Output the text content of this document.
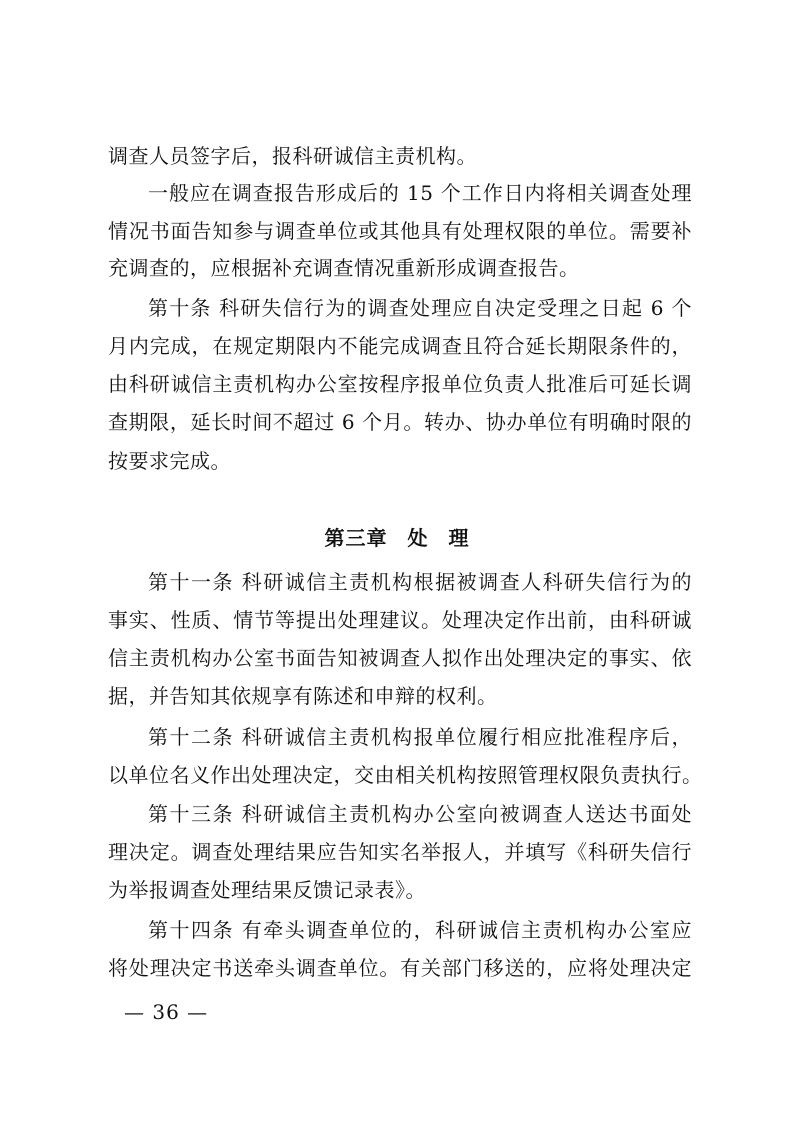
调查人员签字后，报科研诚信主责机构。
一般应在调查报告形成后的 15 个工作日内将相关调查处理
情况书面告知参与调查单位或其他具有处理权限的单位。需要补
充调查的，应根据补充调查情况重新形成调查报告。
第十条 科研失信行为的调查处理应自决定受理之日起 6 个
月内完成，在规定期限内不能完成调查且符合延长期限条件的，
由科研诚信主责机构办公室按程序报单位负责人批准后可延长调
查期限，延长时间不超过 6 个月。转办、协办单位有明确时限的
按要求完成。
第三章 处 理
第十一条 科研诚信主责机构根据被调查人科研失信行为的
事实、性质、情节等提出处理建议。处理决定作出前，由科研诚
信主责机构办公室书面告知被调查人拟作出处理决定的事实、依
据，并告知其依规享有陈述和申辩的权利。
第十二条 科研诚信主责机构报单位履行相应批准程序后，
以单位名义作出处理决定，交由相关机构按照管理权限负责执行。
第十三条 科研诚信主责机构办公室向被调查人送达书面处
理决定。调查处理结果应告知实名举报人，并填写《科研失信行
为举报调查处理结果反馈记录表》。
第十四条 有牵头调查单位的，科研诚信主责机构办公室应
将处理决定书送牵头调查单位。有关部门移送的，应将处理决定
— 36 —
